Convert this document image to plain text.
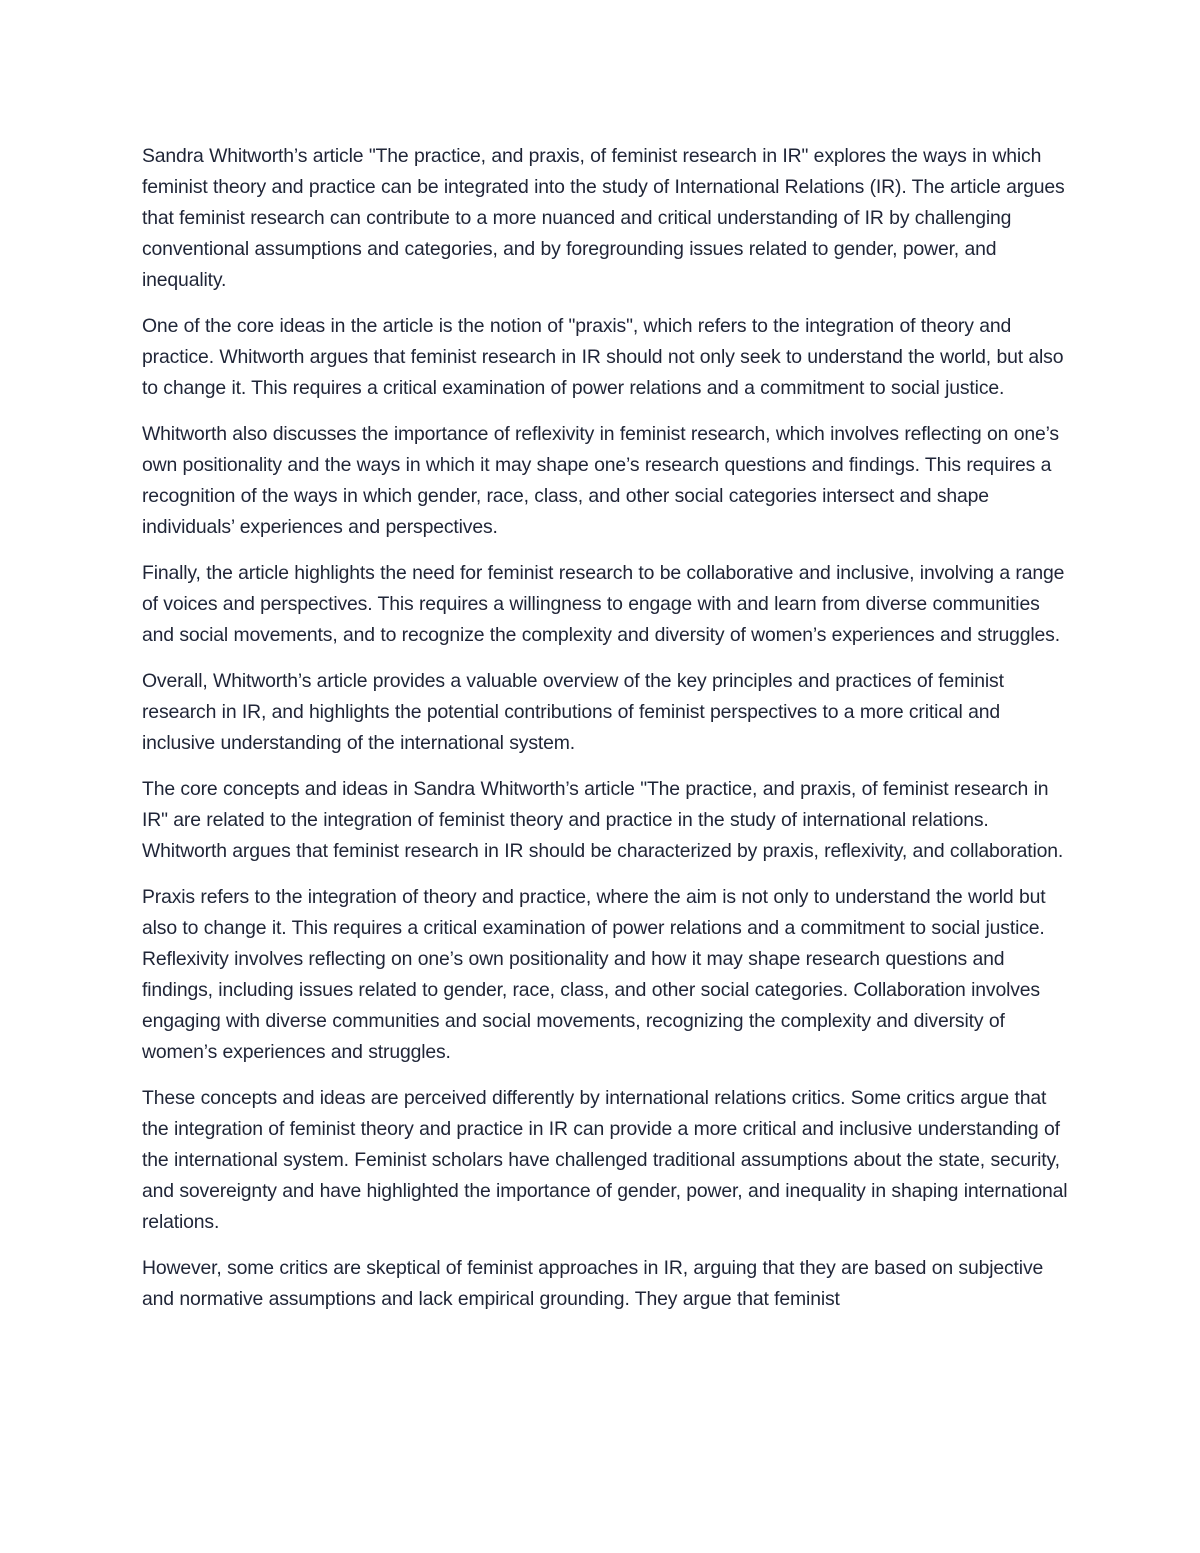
Sandra Whitworth’s article "The practice, and praxis, of feminist research in IR" explores the ways in which feminist theory and practice can be integrated into the study of International Relations (IR). The article argues that feminist research can contribute to a more nuanced and critical understanding of IR by challenging conventional assumptions and categories, and by foregrounding issues related to gender, power, and inequality.

One of the core ideas in the article is the notion of "praxis", which refers to the integration of theory and practice. Whitworth argues that feminist research in IR should not only seek to understand the world, but also to change it. This requires a critical examination of power relations and a commitment to social justice.

Whitworth also discusses the importance of reflexivity in feminist research, which involves reflecting on one’s own positionality and the ways in which it may shape one’s research questions and findings. This requires a recognition of the ways in which gender, race, class, and other social categories intersect and shape individuals’ experiences and perspectives.

Finally, the article highlights the need for feminist research to be collaborative and inclusive, involving a range of voices and perspectives. This requires a willingness to engage with and learn from diverse communities and social movements, and to recognize the complexity and diversity of women’s experiences and struggles.

Overall, Whitworth’s article provides a valuable overview of the key principles and practices of feminist research in IR, and highlights the potential contributions of feminist perspectives to a more critical and inclusive understanding of the international system.

The core concepts and ideas in Sandra Whitworth’s article "The practice, and praxis, of feminist research in IR" are related to the integration of feminist theory and practice in the study of international relations. Whitworth argues that feminist research in IR should be characterized by praxis, reflexivity, and collaboration.

Praxis refers to the integration of theory and practice, where the aim is not only to understand the world but also to change it. This requires a critical examination of power relations and a commitment to social justice. Reflexivity involves reflecting on one’s own positionality and how it may shape research questions and findings, including issues related to gender, race, class, and other social categories. Collaboration involves engaging with diverse communities and social movements, recognizing the complexity and diversity of women’s experiences and struggles.

These concepts and ideas are perceived differently by international relations critics. Some critics argue that the integration of feminist theory and practice in IR can provide a more critical and inclusive understanding of the international system. Feminist scholars have challenged traditional assumptions about the state, security, and sovereignty and have highlighted the importance of gender, power, and inequality in shaping international relations.

However, some critics are skeptical of feminist approaches in IR, arguing that they are based on subjective and normative assumptions and lack empirical grounding. They argue that feminist
